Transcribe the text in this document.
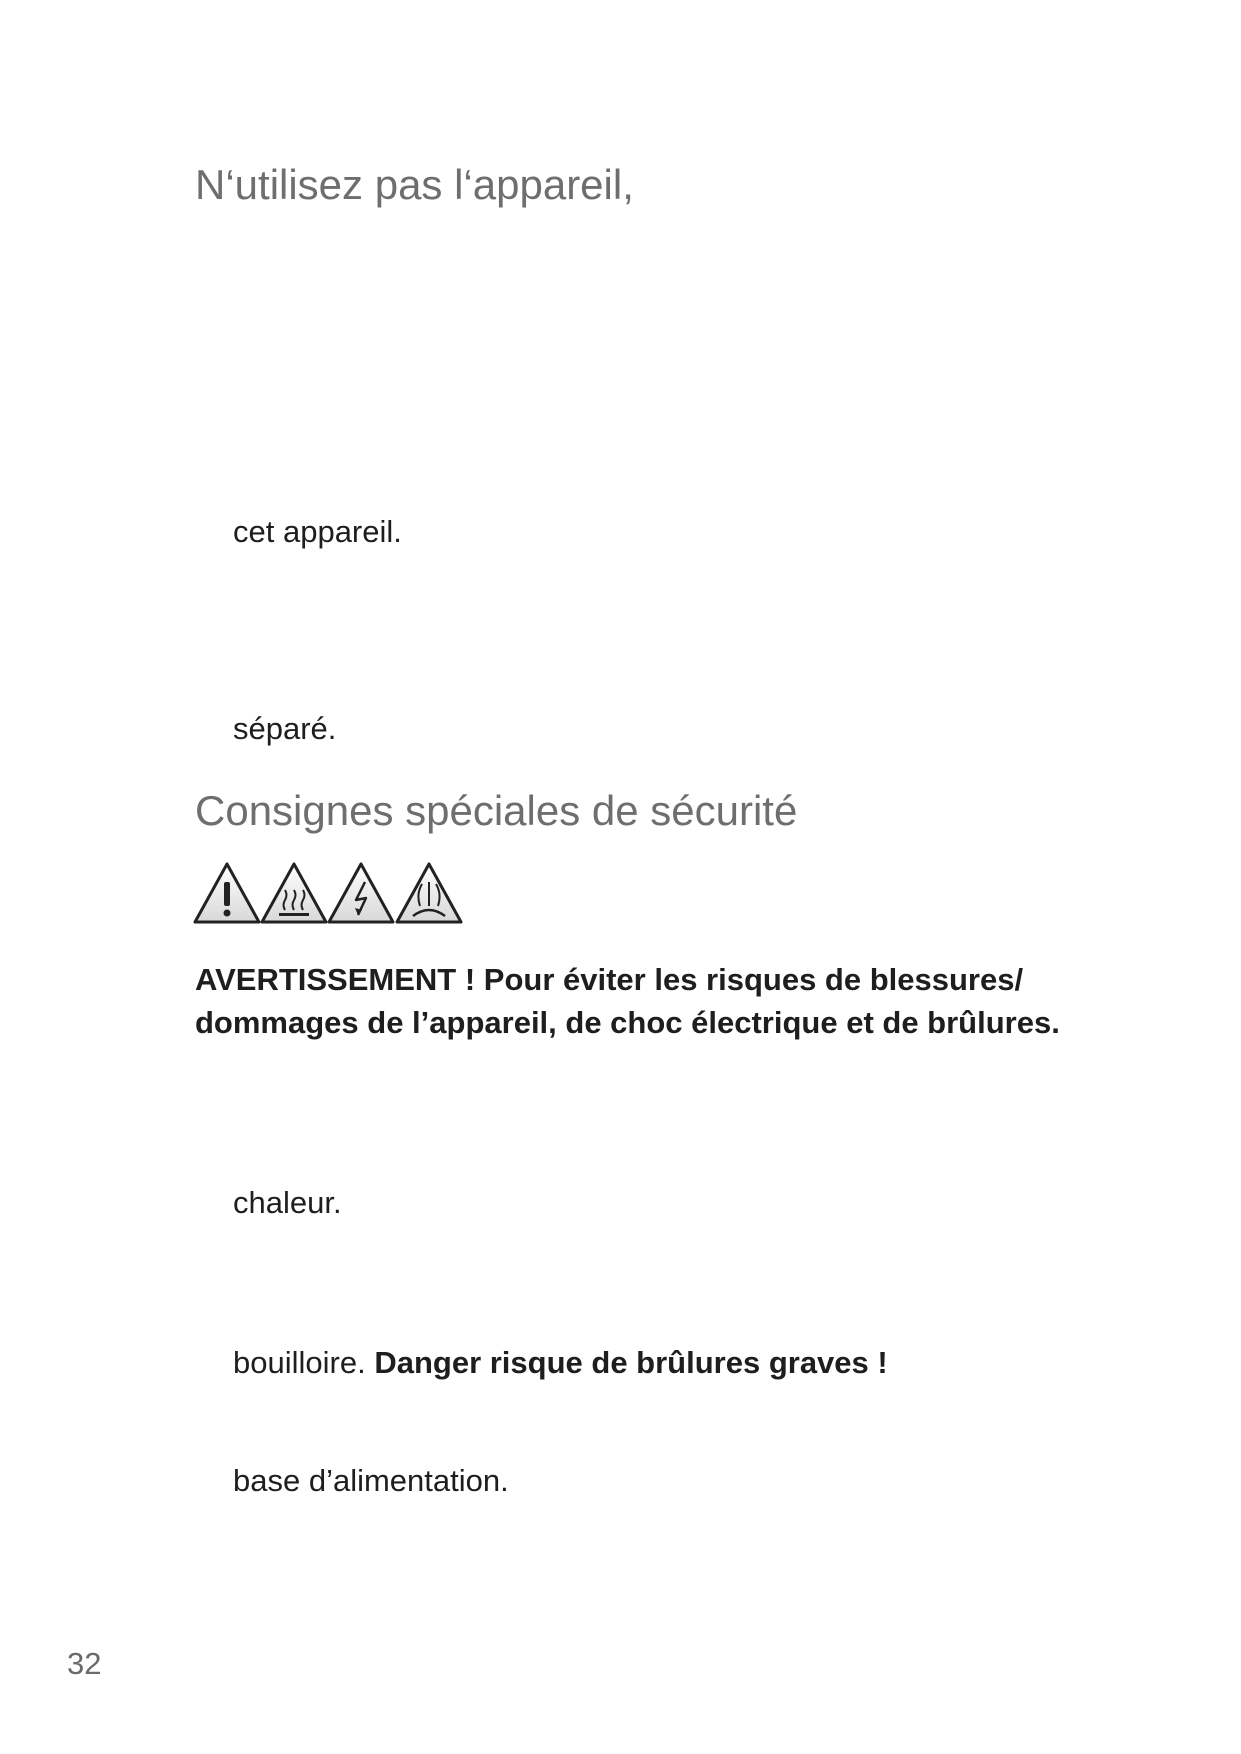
N‘utilisez pas l‘appareil,

cet appareil.

séparé.

Consignes spéciales de sécurité
AVERTISSEMENT ! Pour éviter les risques de blessures/
dommages de l’appareil, de choc électrique et de brûlures.

chaleur.

bouilloire. Danger risque de brûlures graves !

base d’alimentation.

32
